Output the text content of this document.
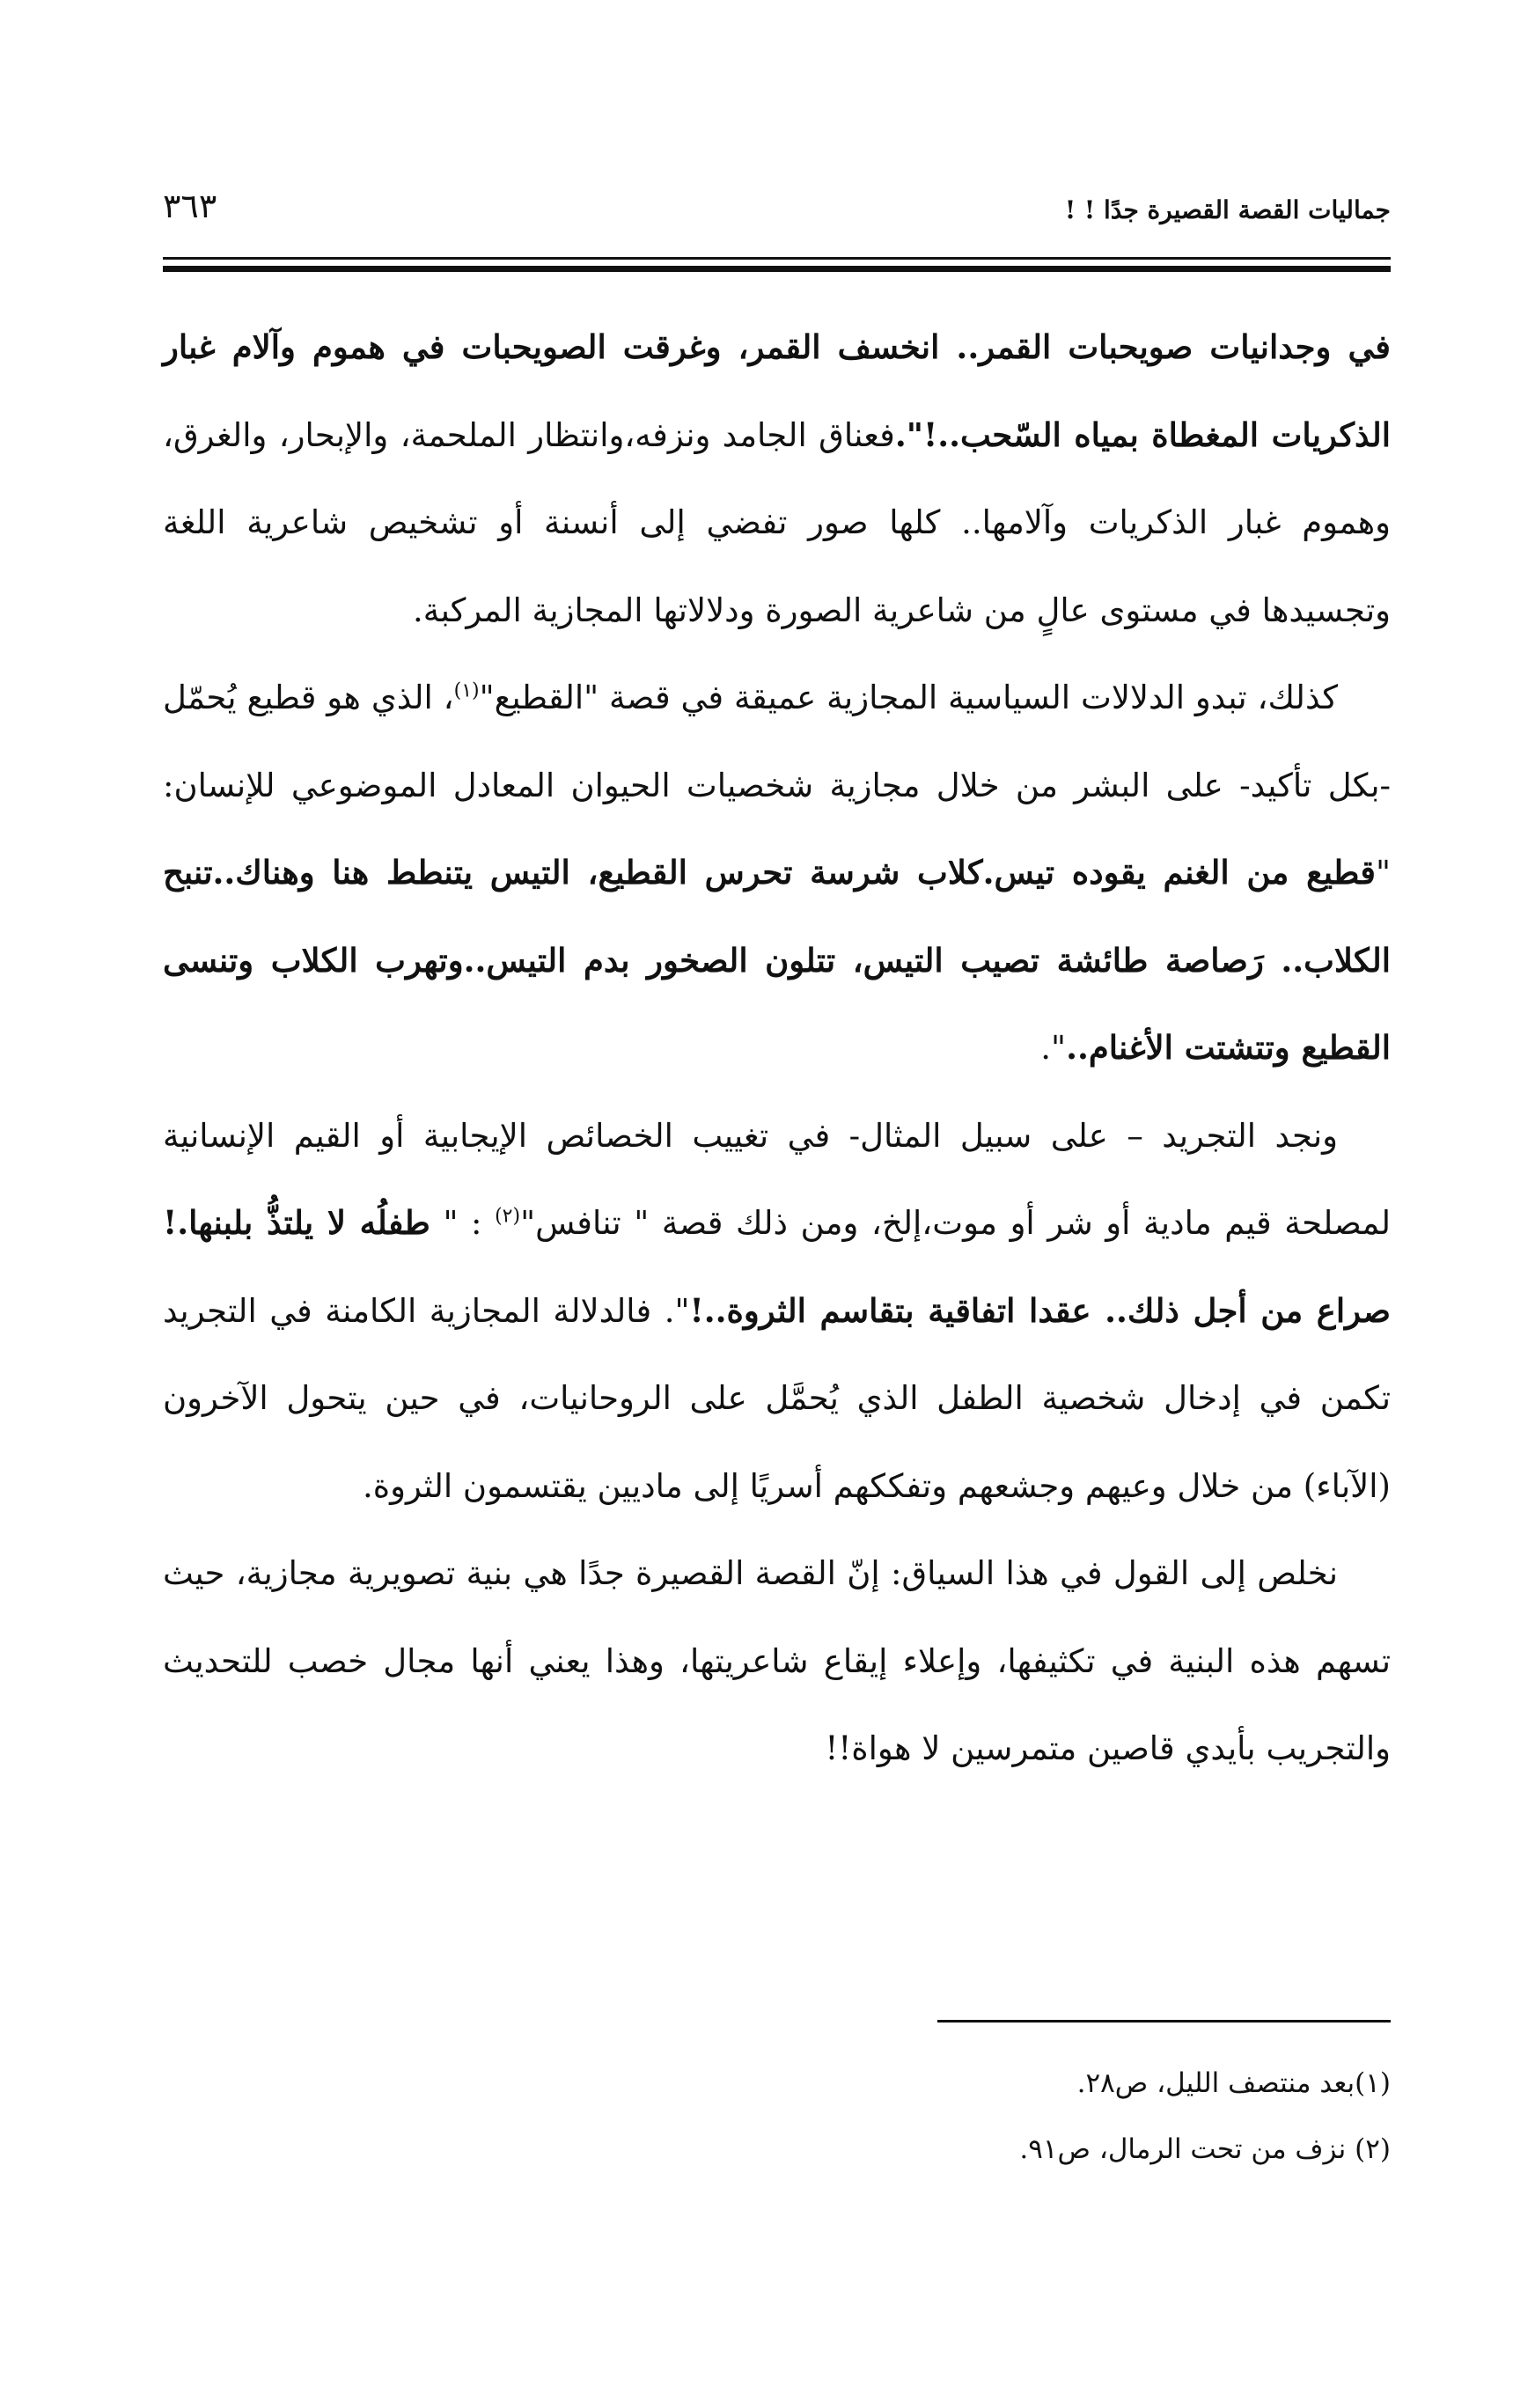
جماليات القصة القصيرة جدًا ! !
٣٦٣

في وجدانيات صويحبات القمر.. انخسف القمر، وغرقت الصويحبات في هموم وآلام غبار الذكريات المغطاة بمياه السّحب..!".فعناق الجامد ونزفه،وانتظار الملحمة، والإبحار، والغرق، وهموم غبار الذكريات وآلامها.. كلها صور تفضي إلى أنسنة أو تشخيص شاعرية اللغة وتجسيدها في مستوى عالٍ من شاعرية الصورة ودلالاتها المجازية المركبة.

كذلك، تبدو الدلالات السياسية المجازية عميقة في قصة "القطيع"$^{(١)}$، الذي هو قطيع يُحمّل -بكل تأكيد- على البشر من خلال مجازية شخصيات الحيوان المعادل الموضوعي للإنسان: "قطيع من الغنم يقوده تيس.كلاب شرسة تحرس القطيع، التيس يتنطط هنا وهناك..تنبح الكلاب.. رَصاصة طائشة تصيب التيس، تتلون الصخور بدم التيس..وتهرب الكلاب وتنسى القطيع وتتشتت الأغنام..".

ونجد التجريد – على سبيل المثال- في تغييب الخصائص الإيجابية أو القيم الإنسانية لمصلحة قيم مادية أو شر أو موت،إلخ، ومن ذلك قصة " تنافس"$^{(٢)}$ : " طفلُه لا يلتذُّ بلبنها.! صراع من أجل ذلك.. عقدا اتفاقية بتقاسم الثروة..!". فالدلالة المجازية الكامنة في التجريد تكمن في إدخال شخصية الطفل الذي يُحمَّل على الروحانيات، في حين يتحول الآخرون (الآباء) من خلال وعيهم وجشعهم وتفككهم أسريًا إلى ماديين يقتسمون الثروة.

نخلص إلى القول في هذا السياق: إنّ القصة القصيرة جدًا هي بنية تصويرية مجازية، حيث تسهم هذه البنية في تكثيفها، وإعلاء إيقاع شاعريتها، وهذا يعني أنها مجال خصب للتحديث والتجريب بأيدي قاصين متمرسين لا هواة!!

(١)بعد منتصف الليل، ص٢٨.
(٢) نزف من تحت الرمال، ص٩١.
